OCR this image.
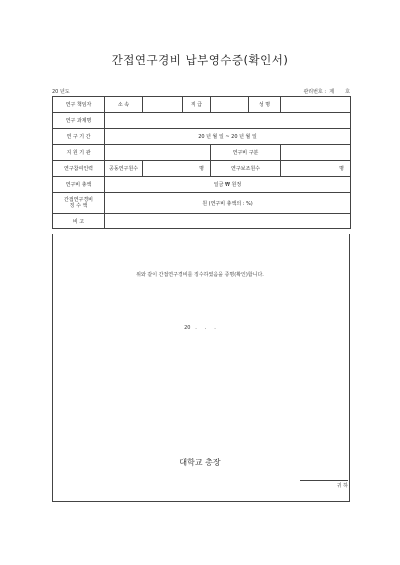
간접연구경비 납부영수증(확인서)
20 년도	관리번호 :  제       호
연구 책임자	소 속		직 급		성 명	
연구 과제명						
연 구 기 간	20 년 월 일 ~ 20 년 월 일					
지 원 기 관				연구비 구분		
연구참여인력	공동연구원수	명		연구보조원수		명
연구비 총액	일금 ₩ 원정					
간접연구경비
징 수 액	원 (연구비 총액의 : %)					
비 고						
위와 같이 간접연구경비를 징수하였음을 증명(확인)합니다.
20   .     .     .
대학교 총장
귀 하
